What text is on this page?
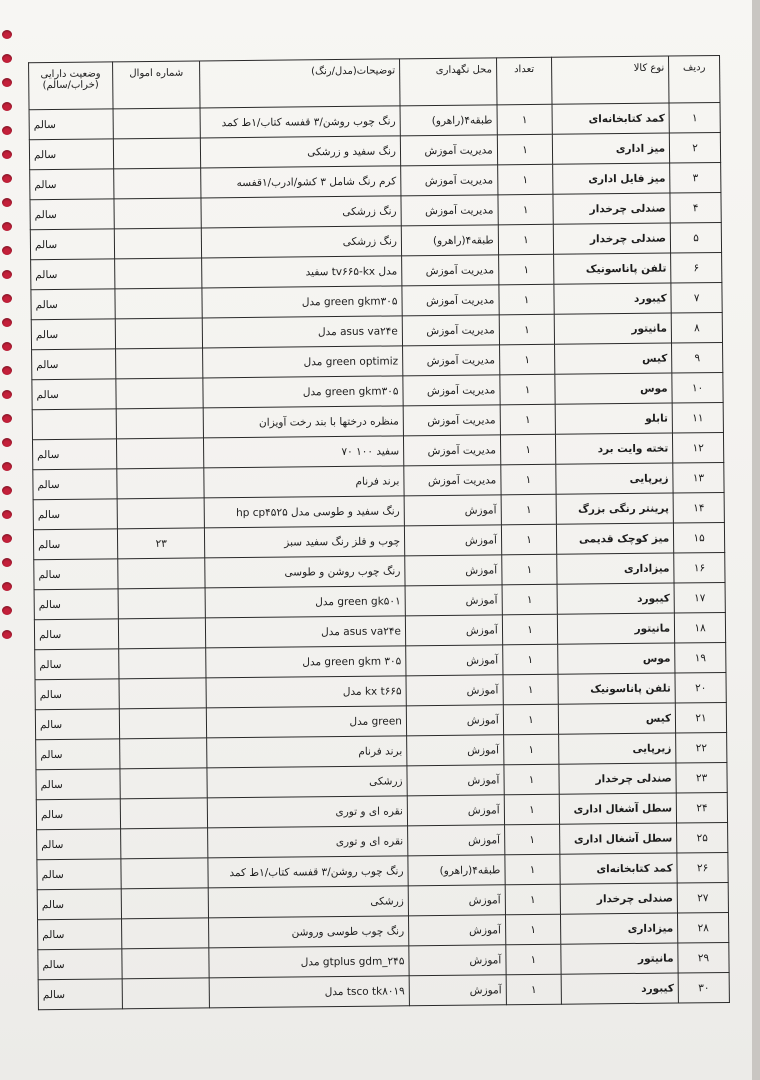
ردیف	نوع کالا	تعداد	محل نگهداری	توضیحات(مدل/رنگ)	شماره اموال	وضعیت دارایی (خراب/سالم)
۱	کمد کتابخانه‌ای	۱	طبقه۴(راهرو)	رنگ چوب روشن/۳ قفسه کتاب/۱ط کمد		سالم
۲	میز اداری	۱	مدیریت آموزش	رنگ سفید و زرشکی		سالم
۳	میز فایل اداری	۱	مدیریت آموزش	کرم رنگ شامل ۳ کشو/ادرب/۱قفسه		سالم
۴	صندلی چرخدار	۱	مدیریت آموزش	رنگ زرشکی		سالم
۵	صندلی چرخدار	۱	طبقه۴(راهرو)	رنگ زرشکی		سالم
۶	تلفن پاناسونیک	۱	مدیریت آموزش	مدل tv۶۶۵-kx سفید		سالم
۷	کیبورد	۱	مدیریت آموزش	green gkm۳۰۵ مدل		سالم
۸	مانیتور	۱	مدیریت آموزش	asus va۲۴e مدل		سالم
۹	کیس	۱	مدیریت آموزش	green optimiz مدل		سالم
۱۰	موس	۱	مدیریت آموزش	green gkm۳۰۵ مدل		سالم
۱۱	تابلو	۱	مدیریت آموزش	منظره درختها با بند رخت آویزان		
۱۲	تخته وایت برد	۱	مدیریت آموزش	سفید ۱۰۰ ۷۰		سالم
۱۳	زیرپایی	۱	مدیریت آموزش	برند فرنام		سالم
۱۴	پرینتر رنگی بزرگ	۱	آموزش	رنگ سفید و طوسی مدل hp cp۴۵۲۵		سالم
۱۵	میز کوچک قدیمی	۱	آموزش	چوب و فلز رنگ سفید سبز	۲۳	سالم
۱۶	میزاداری	۱	آموزش	رنگ چوب روشن و طوسی		سالم
۱۷	کیبورد	۱	آموزش	green gk۵۰۱ مدل		سالم
۱۸	مانیتور	۱	آموزش	asus va۲۴e مدل		سالم
۱۹	موس	۱	آموزش	green gkm ۳۰۵ مدل		سالم
۲۰	تلفن پاناسونیک	۱	آموزش	kx t۶۶۵ مدل		سالم
۲۱	کیس	۱	آموزش	green مدل		سالم
۲۲	زیرپایی	۱	آموزش	برند فرنام		سالم
۲۳	صندلی چرخدار	۱	آموزش	زرشکی		سالم
۲۴	سطل آشغال اداری	۱	آموزش	نقره ای و توری		سالم
۲۵	سطل آشغال اداری	۱	آموزش	نقره ای و توری		سالم
۲۶	کمد کتابخانه‌ای	۱	طبقه۴(راهرو)	رنگ چوب روشن/۳ قفسه کتاب/۱ط کمد		سالم
۲۷	صندلی چرخدار	۱	آموزش	زرشکی		سالم
۲۸	میزاداری	۱	آموزش	رنگ چوب طوسی وروشن		سالم
۲۹	مانیتور	۱	آموزش	gtplus gdm_۲۴۵ مدل		سالم
۳۰	کیبورد	۱	آموزش	tsco tk۸۰۱۹ مدل		سالم
